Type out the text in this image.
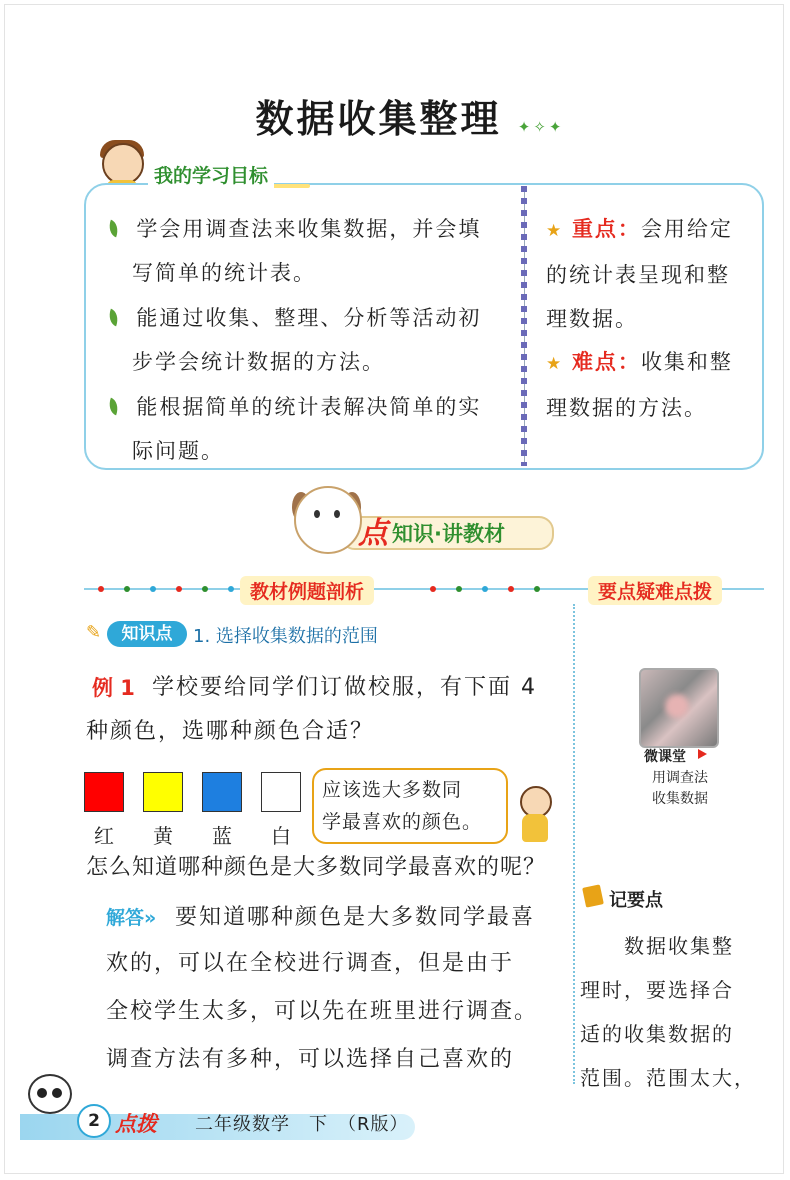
数据收集整理 ✦✧✦
我的学习目标
学会用调查法来收集数据，并会填
写简单的统计表。
能通过收集、整理、分析等活动初
步学会统计数据的方法。
能根据简单的统计表解决简单的实
际问题。
★ 重点：会用给定
的统计表呈现和整
理数据。
★ 难点：收集和整
理数据的方法。
点 知识·讲教材
教材例题剖析	要点疑难点拨
✎	知识点	1. 选择收集数据的范围
例 1 学校要给同学们订做校服，有下面 4
种颜色，选哪种颜色合适？
红 黄 蓝 白
应该选大多数同
学最喜欢的颜色。
怎么知道哪种颜色是大多数同学最喜欢的呢？
解答» 要知道哪种颜色是大多数同学最喜
欢的，可以在全校进行调查，但是由于
全校学生太多，可以先在班里进行调查。
调查方法有多种，可以选择自己喜欢的
微课堂
用调查法
收集数据
记要点
数据收集整
理时，要选择合
适的收集数据的
范围。范围太大，
2 点拨 二年级数学　下　（R版）
